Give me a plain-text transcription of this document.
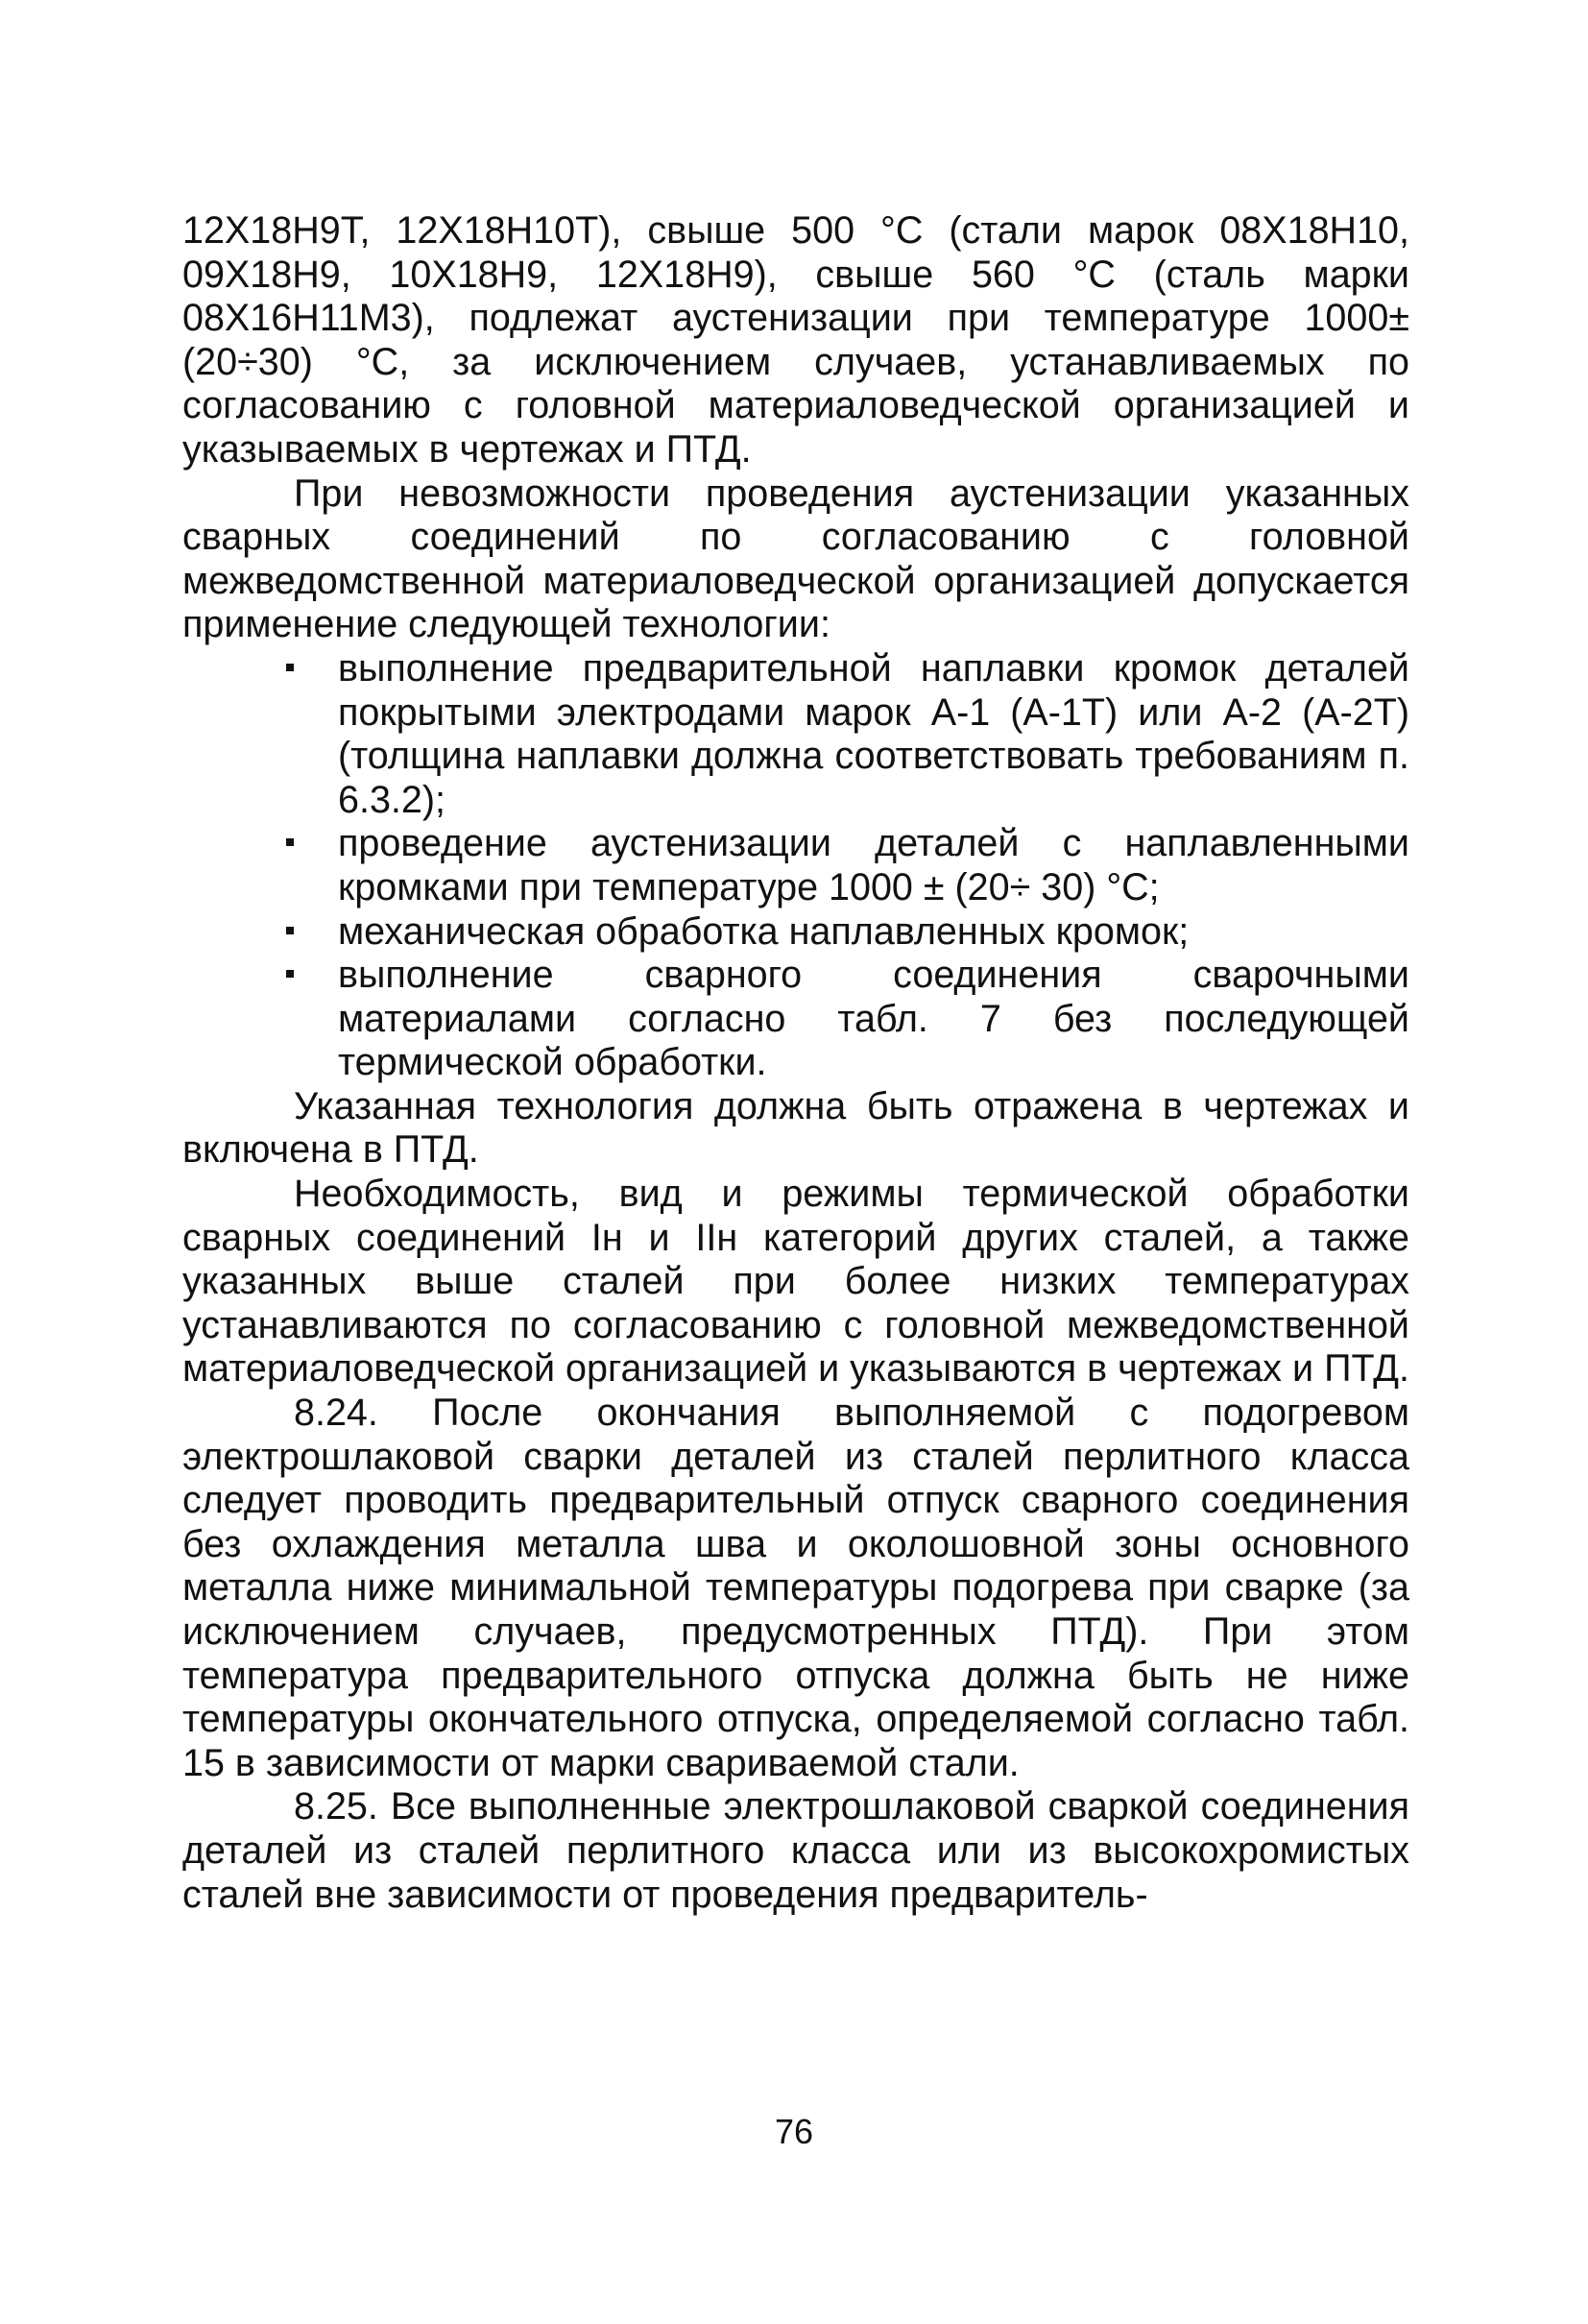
12Х18Н9Т, 12Х18Н10Т), свыше 500 °С (стали марок 08Х18Н10, 09Х18Н9, 10Х18Н9, 12Х18Н9), свыше 560 °С (сталь марки 08Х16Н11М3), подлежат аустенизации при температуре 1000± (20÷30) °С, за исключением случаев, устанавливаемых по согласованию с головной материаловедческой организацией и указываемых в чертежах и ПТД.

При невозможности проведения аустенизации указанных сварных соединений по согласованию с головной межведомственной материаловедческой организацией допускается применение следующей технологии:

выполнение предварительной наплавки кромок деталей покрытыми электродами марок А-1 (А-1Т) или А-2 (А-2Т) (толщина наплавки должна соответствовать требованиям п. 6.3.2);
проведение аустенизации деталей с наплавленными кромками при температуре 1000 ± (20÷ 30) °С;
механическая обработка наплавленных кромок;
выполнение сварного соединения сварочными материалами согласно табл. 7 без последующей термической обработки.

Указанная технология должна быть отражена в чертежах и включена в ПТД.

Необходимость, вид и режимы термической обработки сварных соединений Iн и IIн категорий других сталей, а также указанных выше сталей при более низких температурах устанавливаются по согласованию с головной межведомственной материаловедческой организацией и указываются в чертежах и ПТД.

8.24. После окончания выполняемой с подогревом электрошлаковой сварки деталей из сталей перлитного класса следует проводить предварительный отпуск сварного соединения без охлаждения металла шва и околошовной зоны основного металла ниже минимальной температуры подогрева при сварке (за исключением случаев, предусмотренных ПТД). При этом температура предварительного отпуска должна быть не ниже температуры окончательного отпуска, определяемой согласно табл. 15 в зависимости от марки свариваемой стали.

8.25. Все выполненные электрошлаковой сваркой соединения деталей из сталей перлитного класса или из высокохромистых сталей вне зависимости от проведения предваритель-

76
